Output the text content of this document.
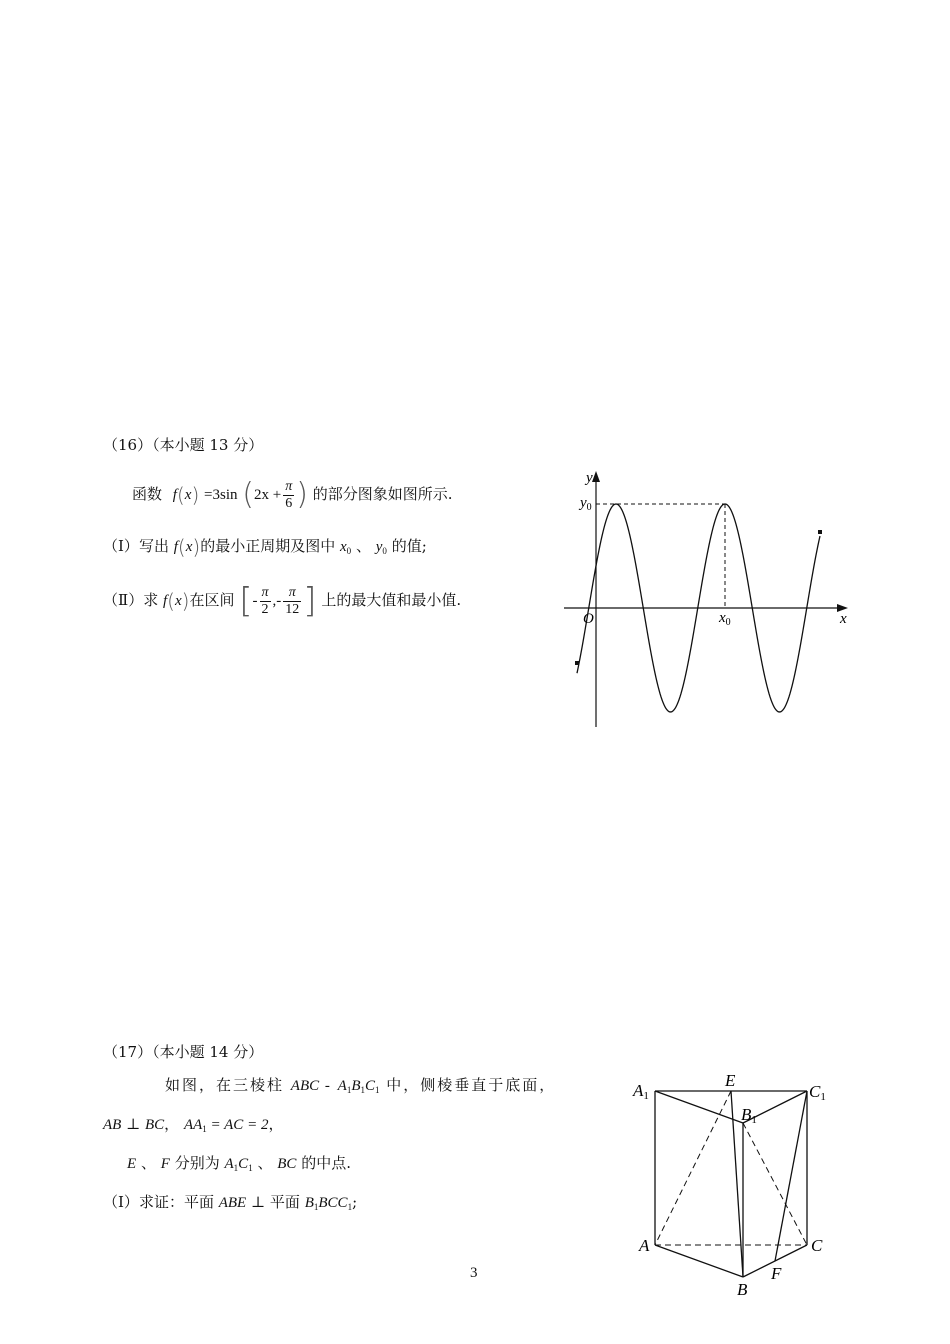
（16）（本小题 13 分）
函数 f(x) =3sin ($2x + \frac{\pi}{6}$ ) 的部分图象如图所示.
（Ⅰ）写出 f(x)的最小正周期及图中 $x_0$ 、 $y_0$ 的值;
（Ⅱ）求 f(x)在区间 [- $\frac{\pi}{2}$ ,- $\frac{\pi}{12}$ ] 上的最大值和最小值.
y
x
O
$y_0$
$x_0$
（17）（本小题 14 分）
如图，在三棱柱 ABC - $A_1B_1C_1$ 中，侧棱垂直于底面，
AB ⊥ BC， $AA_1$ = AC = 2，
E 、 F 分别为 $A_1C_1$ 、 BC 的中点.
（Ⅰ）求证：平面 ABE ⊥ 平面 $B_1BCC_1$;
A1
E
C1
B1
A	C
F
B
3
